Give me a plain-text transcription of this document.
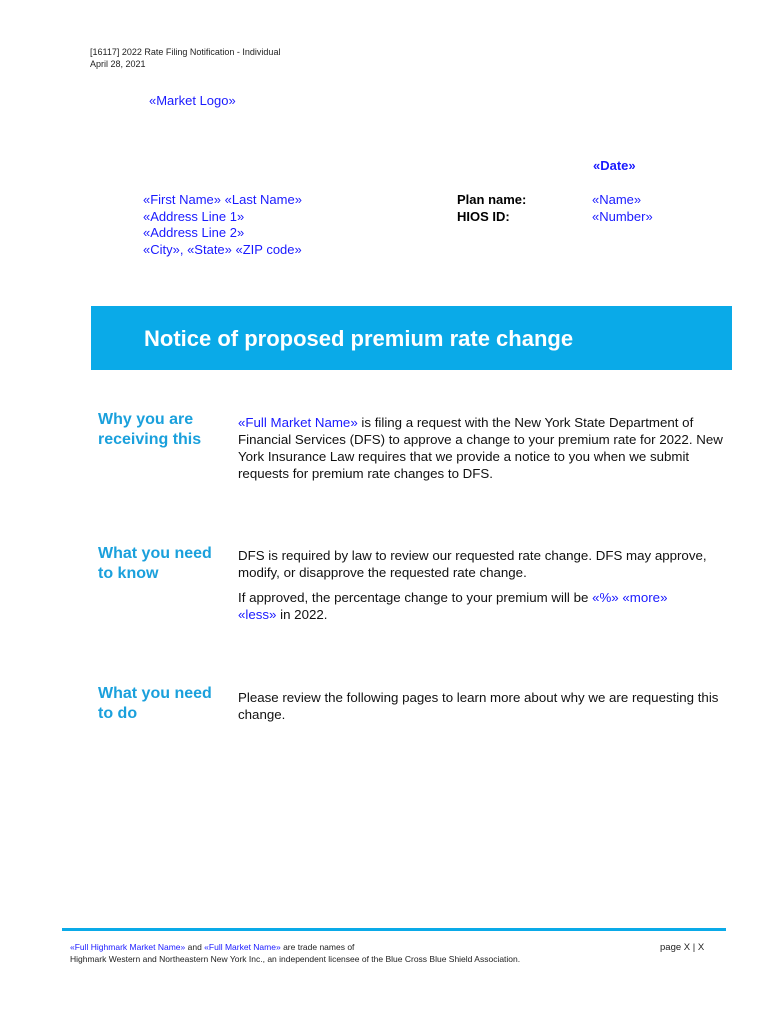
[16117] 2022 Rate Filing Notification - Individual
April 28, 2021
«Market Logo»
«Date»
«First Name» «Last Name»
«Address Line 1»
«Address Line 2»
«City», «State» «ZIP code»
Plan name:
HIOS ID:
«Name»
«Number»
Notice of proposed premium rate change
Why you are receiving this

«Full Market Name» is filing a request with the New York State Department of Financial Services (DFS) to approve a change to your premium rate for 2022. New York Insurance Law requires that we provide a notice to you when we submit requests for premium rate changes to DFS.

What you need to know

DFS is required by law to review our requested rate change. DFS may approve, modify, or disapprove the requested rate change.

If approved, the percentage change to your premium will be «%» «more»
«less» in 2022.

What you need to do

Please review the following pages to learn more about why we are requesting this change.

«Full Highmark Market Name» and «Full Market Name» are trade names of
Highmark Western and Northeastern New York Inc., an independent licensee of the Blue Cross Blue Shield Association.
page X | X
